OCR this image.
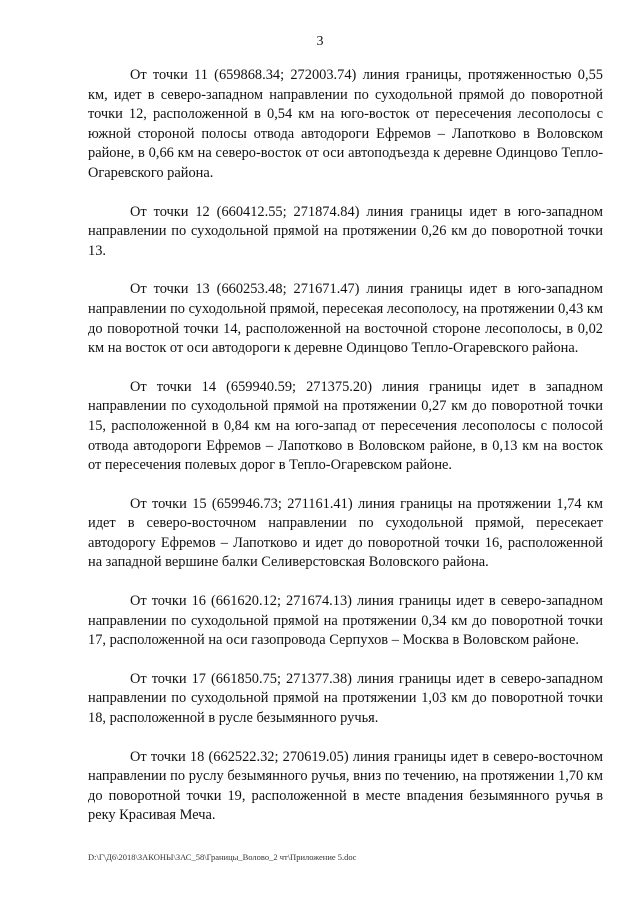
3

От точки 11 (659868.34; 272003.74) линия границы, протяженностью 0,55 км, идет в северо-западном направлении по суходольной прямой до поворотной точки 12, расположенной в 0,54 км на юго-восток от пересечения лесополосы с южной стороной полосы отвода автодороги Ефремов – Лапотково в Воловском районе, в 0,66 км на северо-восток от оси автоподъезда к деревне Одинцово Тепло-Огаревского района.

От точки 12 (660412.55; 271874.84) линия границы идет в юго-западном направлении по суходольной прямой на протяжении 0,26 км до поворотной точки 13.

От точки 13 (660253.48; 271671.47) линия границы идет в юго-западном направлении по суходольной прямой, пересекая лесополосу, на протяжении 0,43 км до поворотной точки 14, расположенной на восточной стороне лесополосы, в 0,02 км на восток от оси автодороги к деревне Одинцово Тепло-Огаревского района.

От точки 14 (659940.59; 271375.20) линия границы идет в западном направлении по суходольной прямой на протяжении 0,27 км до поворотной точки 15, расположенной в 0,84 км на юго-запад от пересечения лесополосы с полосой отвода автодороги Ефремов – Лапотково в Воловском районе, в 0,13 км на восток от пересечения полевых дорог в Тепло-Огаревском районе.

От точки 15 (659946.73; 271161.41) линия границы на протяжении 1,74 км идет в северо-восточном направлении по суходольной прямой, пересекает автодорогу Ефремов – Лапотково и идет до поворотной точки 16, расположенной на западной вершине балки Селиверстовская Воловского района.

От точки 16 (661620.12; 271674.13) линия границы идет в северо-западном направлении по суходольной прямой на протяжении 0,34 км до поворотной точки 17, расположенной на оси газопровода Серпухов – Москва в Воловском районе.

От точки 17 (661850.75; 271377.38) линия границы идет в северо-западном направлении по суходольной прямой на протяжении 1,03 км до поворотной точки 18, расположенной в русле безымянного ручья.

От точки 18 (662522.32; 270619.05) линия границы идет в северо-восточном направлении по руслу безымянного ручья, вниз по течению, на протяжении 1,70 км до поворотной точки 19, расположенной в месте впадения безымянного ручья в реку Красивая Меча.

D:\Г\Д6\2018\ЗАКОНЫ\ЗАС_58\Границы_Волово_2 чт\Приложение 5.doc
